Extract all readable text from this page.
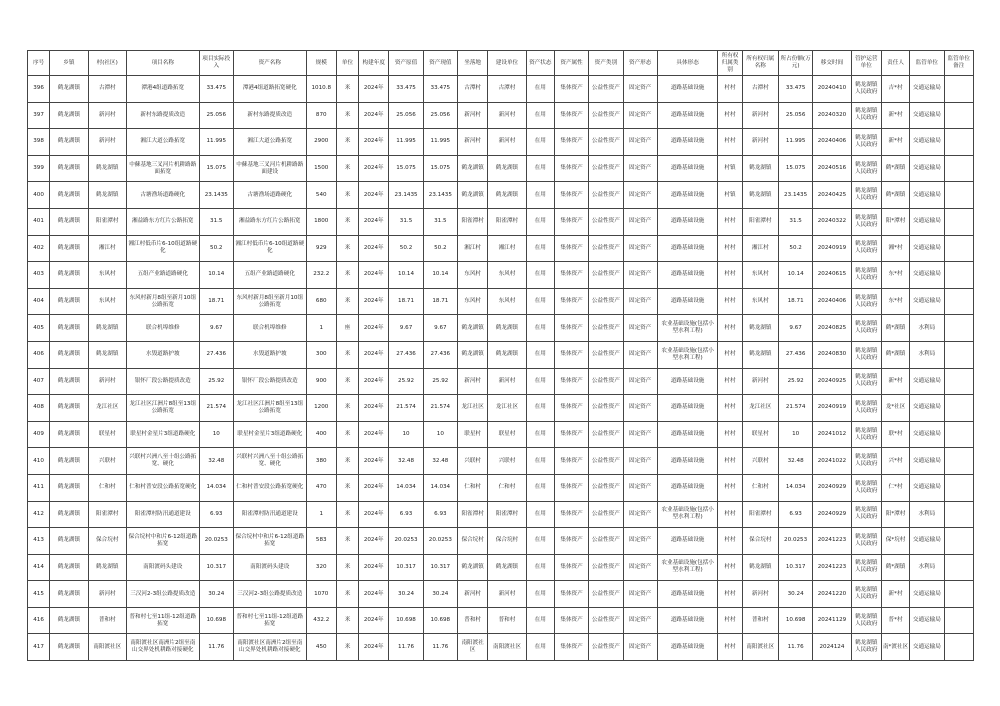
序号	乡镇	村(社区)	项目名称	项目实际投入	资产名称	规模	单位	构建年度	资产原值	资产现值	坐落地	建设单位	资产状态	资产属性	资产类别	资产形态	具体形态	所有权归属类别	所有权归属名称	所占份额(万元)	移交时间	管护运营单位	责任人	监管单位	监管单位备注
396	鹤龙湖镇	古潭村	潭港4组道路拓宽	33.475	潭港4组道路拓宽硬化	1010.8	米	2024年	33.475	33.475	古潭村	古潭村	在用	集体资产	公益性资产	固定资产	道路基础设施	村村	古潭村	33.475	20240410	鹤龙湖镇人民政府	吉*村	交通运输局	
397	鹤龙湖镇	新河村	新村东路提质改造	25.056	新村东路提质改造	870	米	2024年	25.056	25.056	新河村	新河村	在用	集体资产	公益性资产	固定资产	道路基础设施	村村	新河村	25.056	20240320	鹤龙湖镇人民政府	新*村	交通运输局	
398	鹤龙湖镇	新河村	湘江大道公路拓宽	11.995	湘江大道公路拓宽	2900	米	2024年	11.995	11.995	新河村	新河村	在用	集体资产	公益性资产	固定资产	道路基础设施	村村	新河村	11.995	20240406	鹤龙湖镇人民政府	新*村	交通运输局	
399	鹤龙湖镇	鹤龙湖镇	中蘇基地三叉河片机耕路路面拓宽	15.075	中蘇基地三叉河片机耕路路面建设	1500	米	2024年	15.075	15.075	鹤龙湖镇	鹤龙湖镇	在用	集体资产	公益性资产	固定资产	道路基础设施	村镇	鹤龙湖镇	15.075	20240516	鹤龙湖镇人民政府	鹤*湖镇	交通运输局	
400	鹤龙湖镇	鹤龙湖镇	古塘渔场道路硬化	23.1435	古塘渔场道路硬化	540	米	2024年	23.1435	23.1435	鹤龙湖镇	鹤龙湖镇	在用	集体资产	公益性资产	固定资产	道路基础设施	村镇	鹤龙湖镇	23.1435	20240425	鹤龙湖镇人民政府	鹤*湖镇	交通运输局	
401	鹤龙湖镇	阳雀潭村	湘益路东方红片公路拓宽	31.5	湘益路东方红片公路拓宽	1800	米	2024年	31.5	31.5	阳雀潭村	阳雀潭村	在用	集体资产	公益性资产	固定资产	道路基础设施	村村	阳雀潭村	31.5	20240322	鹤龙湖镇人民政府	阳*潭村	交通运输局	
402	鹤龙湖镇	湘江村	湘江村低币片6-10组道路硬化	50.2	湘江村低币片6-10组道路硬化	929	米	2024年	50.2	50.2	湘江村	湘江村	在用	集体资产	公益性资产	固定资产	道路基础设施	村村	湘江村	50.2	20240919	鹤龙湖镇人民政府	湘*村	交通运输局	
403	鹤龙湖镇	东风村	五组产业路道路硬化	10.14	五组产业路道路硬化	232.2	米	2024年	10.14	10.14	东风村	东风村	在用	集体资产	公益性资产	固定资产	道路基础设施	村村	东风村	10.14	20240615	鹤龙湖镇人民政府	东*村	交通运输局	
404	鹤龙湖镇	东风村	东风村新月8组至新月10组公路拓宽	18.71	东风村新月8组至新月10组公路拓宽	680	米	2024年	18.71	18.71	东风村	东风村	在用	集体资产	公益性资产	固定资产	道路基础设施	村村	东风村	18.71	20240406	鹤龙湖镇人民政府	东*村	交通运输局	
405	鹤龙湖镇	鹤龙湖镇	联合机埠维修	9.67	联合机埠维修	1	座	2024年	9.67	9.67	鹤龙湖镇	鹤龙湖镇	在用	集体资产	公益性资产	固定资产	农业基础设施(包括小型水利工程)	村村	鹤龙湖镇	9.67	20240825	鹤龙湖镇人民政府	鹤*湖镇	水利局	
406	鹤龙湖镇	鹤龙湖镇	水毁道路护坡	27.436	水毁道路护坡	300	米	2024年	27.436	27.436	鹤龙湖镇	鹤龙湖镇	在用	集体资产	公益性资产	固定资产	农业基础设施(包括小型水利工程)	村村	鹤龙湖镇	27.436	20240830	鹤龙湖镇人民政府	鹤*湖镇	水利局	
407	鹤龙湖镇	新河村	银怀厂段公路提质改造	25.92	银怀厂段公路提质改造	900	米	2024年	25.92	25.92	新河村	新河村	在用	集体资产	公益性资产	固定资产	道路基础设施	村村	新河村	25.92	20240925	鹤龙湖镇人民政府	新*村	交通运输局	
408	鹤龙湖镇	龙江社区	龙江社区江洲片8组至13组公路拓宽	21.574	龙江社区江洲片8组至13组公路拓宽	1200	米	2024年	21.574	21.574	龙江社区	龙江社区	在用	集体资产	公益性资产	固定资产	道路基础设施	村村	龙江社区	21.574	20240919	鹤龙湖镇人民政府	龙*社区	交通运输局	
409	鹤龙湖镇	联星村	联星村金星片3组道路硬化	10	联星村金星片3组道路硬化	400	米	2024年	10	10	联星村	联星村	在用	集体资产	公益性资产	固定资产	道路基础设施	村村	联星村	10	20241012	鹤龙湖镇人民政府	联*村	交通运输局	
410	鹤龙湖镇	兴联村	兴联村兴洲八至十组公路拓宽、硬化	32.48	兴联村兴洲八至十组公路拓宽、硬化	380	米	2024年	32.48	32.48	兴联村	兴联村	在用	集体资产	公益性资产	固定资产	道路基础设施	村村	兴联村	32.48	20241022	鹤龙湖镇人民政府	兴*村	交通运输局	
411	鹤龙湖镇	仁和村	仁和村普安段公路拓宽硬化	14.034	仁和村普安段公路拓宽硬化	470	米	2024年	14.034	14.034	仁和村	仁和村	在用	集体资产	公益性资产	固定资产	道路基础设施	村村	仁和村	14.034	20240929	鹤龙湖镇人民政府	仁*村	交通运输局	
412	鹤龙湖镇	阳雀潭村	阳雀潭村防汛通道建设	6.93	阳雀潭村防汛通道建设	1	米	2024年	6.93	6.93	阳雀潭村	阳雀潭村	在用	集体资产	公益性资产	固定资产	农业基础设施(包括小型水利工程)	村村	阳雀潭村	6.93	20240929	鹤龙湖镇人民政府	阳*潭村	水利局	
413	鹤龙湖镇	保合垸村	保合垸村中和片6-12组道路拓宽	20.0253	保合垸村中和片6-12组道路拓宽	583	米	2024年	20.0253	20.0253	保合垸村	保合垸村	在用	集体资产	公益性资产	固定资产	道路基础设施	村村	保合垸村	20.0253	20241223	鹤龙湖镇人民政府	保*垸村	交通运输局	
414	鹤龙湖镇	鹤龙湖镇	南阳渡码头建设	10.317	南阳渡码头建设	320	米	2024年	10.317	10.317	鹤龙湖镇	鹤龙湖镇	在用	集体资产	公益性资产	固定资产	农业基础设施(包括小型水利工程)	村村	鹤龙湖镇	10.317	20241223	鹤龙湖镇人民政府	鹤*湖镇	水利局	
415	鹤龙湖镇	新河村	三汉河2-3组公路提质改造	30.24	三汉河2-3组公路提质改造	1070	米	2024年	30.24	30.24	新河村	新河村	在用	集体资产	公益性资产	固定资产	道路基础设施	村村	新河村	30.24	20241220	鹤龙湖镇人民政府	新*村	交通运输局	
416	鹤龙湖镇	普和村	普和村七至11组-12组道路拓宽	10.698	普和村七至11组-12组道路拓宽	432.2	米	2024年	10.698	10.698	普和村	普和村	在用	集体资产	公益性资产	固定资产	道路基础设施	村村	普和村	10.698	20241129	鹤龙湖镇人民政府	普*村	交通运输局	
417	鹤龙湖镇	南阳渡社区	南阳渡社区南洲片2组至南山交界处机耕路对接硬化	11.76	南阳渡社区南洲片2组至南山交界处机耕路对接硬化	450	米	2024年	11.76	11.76	南阳渡社区	南阳渡社区	在用	集体资产	公益性资产	固定资产	道路基础设施	村村	南阳渡社区	11.76	2024124	鹤龙湖镇人民政府	南*渡社区	交通运输局	
